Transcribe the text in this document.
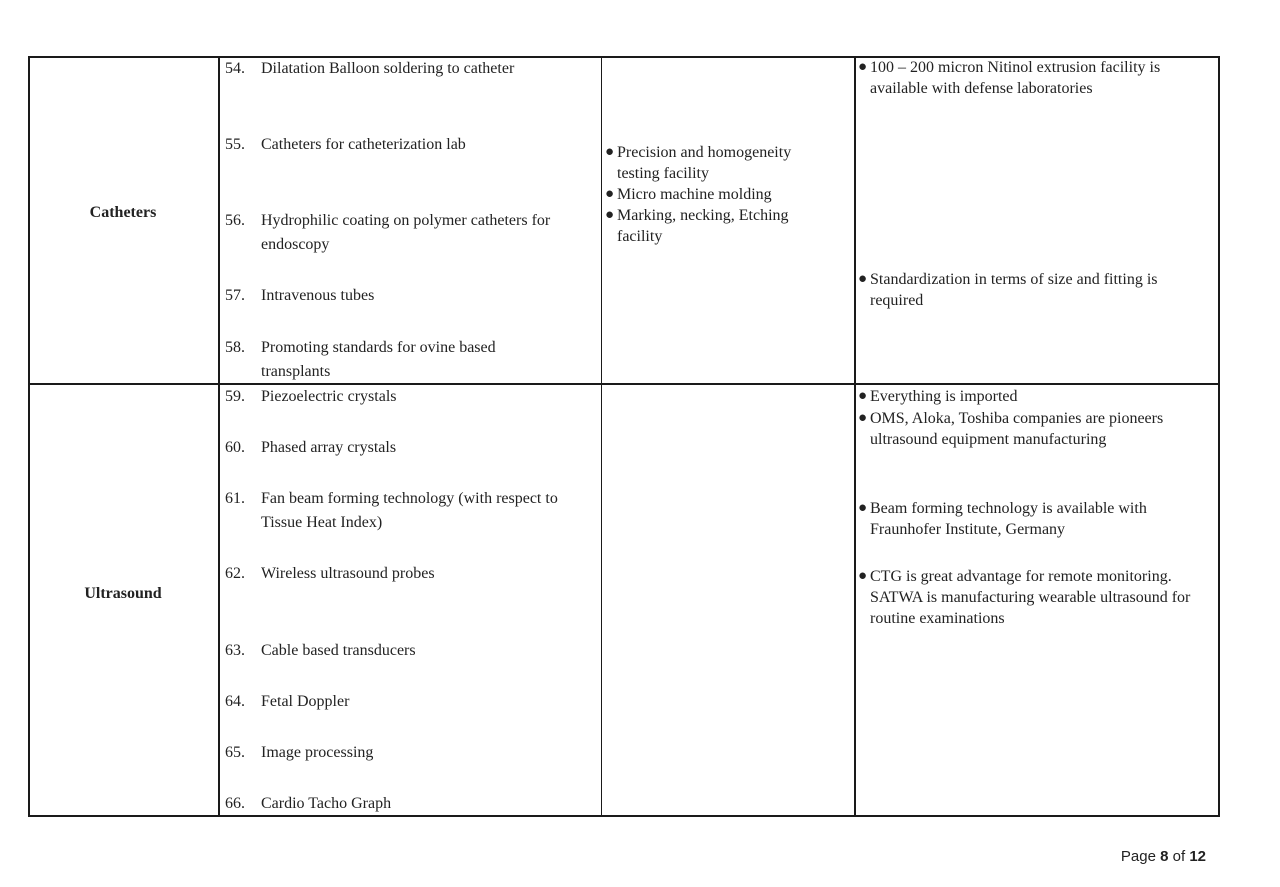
Catheters
54. Dilatation Balloon soldering to catheter
55. Catheters for catheterization lab
56. Hydrophilic coating on polymer catheters for endoscopy
57. Intravenous tubes
58. Promoting standards for ovine based transplants
● Precision and homogeneity testing facility
● Micro machine molding
● Marking, necking, Etching facility
● 100 – 200 micron Nitinol extrusion facility is available with defense laboratories
● Standardization in terms of size and fitting is required
Ultrasound
59. Piezoelectric crystals
60. Phased array crystals
61. Fan beam forming technology (with respect to Tissue Heat Index)
62. Wireless ultrasound probes
63. Cable based transducers
64. Fetal Doppler
65. Image processing
66. Cardio Tacho Graph
● Everything is imported
● OMS, Aloka, Toshiba companies are pioneers ultrasound equipment manufacturing
● Beam forming technology is available with Fraunhofer Institute, Germany
● CTG is great advantage for remote monitoring. SATWA is manufacturing wearable ultrasound for routine examinations
Page 8 of 12
